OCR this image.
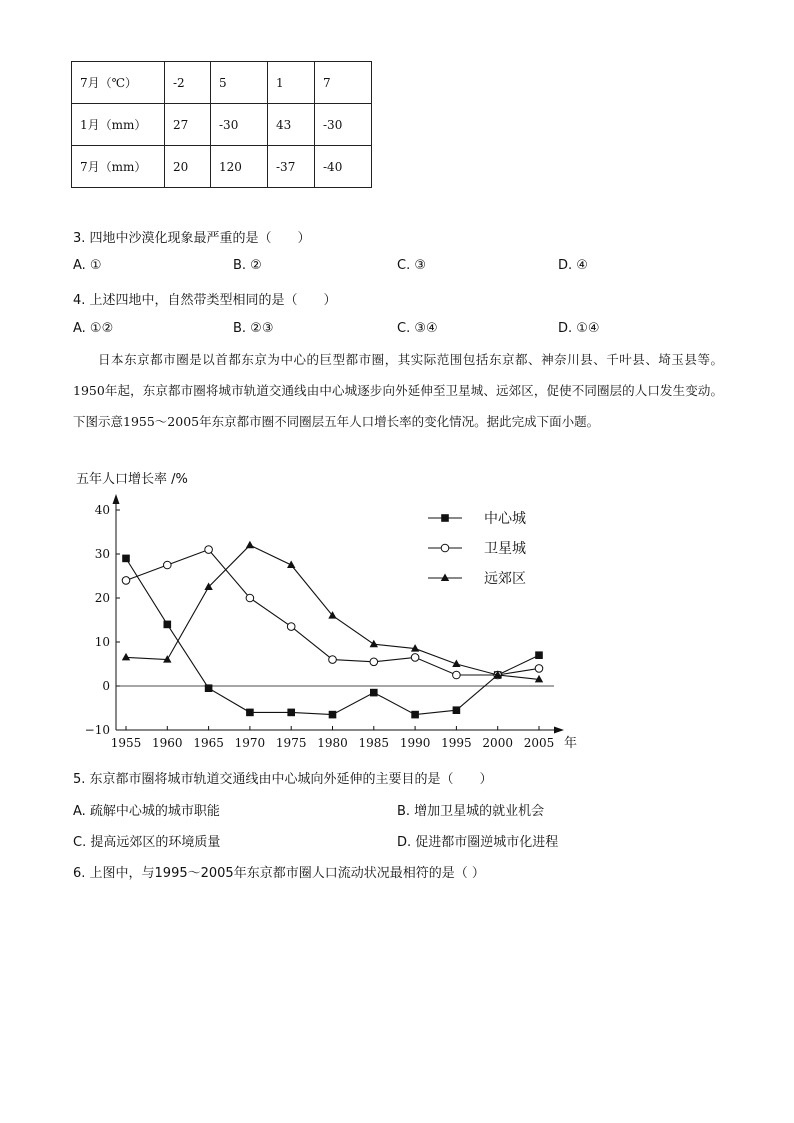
7月（℃）	-2	5	1	7
1月（mm）	27	-30	43	-30
7月（mm）	20	120	-37	-40
3. 四地中沙漠化现象最严重的是（　　）
A. ①	B. ②	C. ③	D. ④
4. 上述四地中，自然带类型相同的是（　　）
A. ①②	B. ②③	C. ③④	D. ①④
日本东京都市圈是以首都东京为中心的巨型都市圈，其实际范围包括东京都、神奈川县、千叶县、埼玉县等。1950年起，东京都市圈将城市轨道交通线由中心城逐步向外延伸至卫星城、远郊区，促使不同圈层的人口发生变动。下图示意1955～2005年东京都市圈不同圈层五年人口增长率的变化情况。据此完成下面小题。
五年人口增长率 /%
年
−10
0
10
20
30
40
1955 1960 1965 1970 1975 1980 1985 1990 1995 2000 2005
中心城
卫星城
远郊区
5. 东京都市圈将城市轨道交通线由中心城向外延伸的主要目的是（　　）
A. 疏解中心城的城市职能	B. 增加卫星城的就业机会
C. 提高远郊区的环境质量	D. 促进都市圈逆城市化进程
6. 上图中，与1995～2005年东京都市圈人口流动状况最相符的是（ ）
